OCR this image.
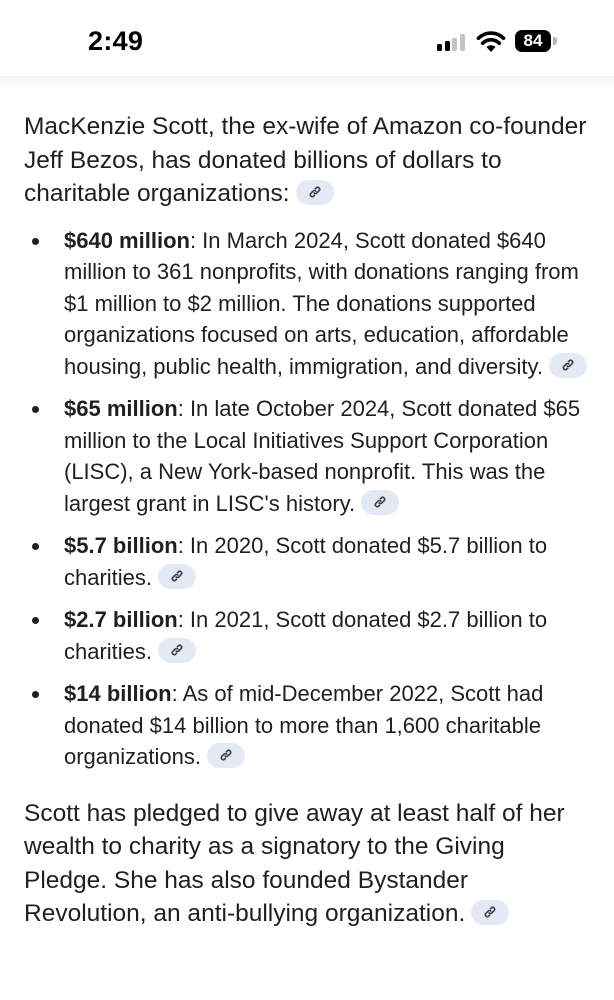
2:49	84

MacKenzie Scott, the ex-wife of Amazon co-founder Jeff Bezos, has donated billions of dollars to charitable organizations:

$640 million: In March 2024, Scott donated $640 million to 361 nonprofits, with donations ranging from $1 million to $2 million. The donations supported organizations focused on arts, education, affordable housing, public health, immigration, and diversity.
$65 million: In late October 2024, Scott donated $65 million to the Local Initiatives Support Corporation (LISC), a New York-based nonprofit. This was the largest grant in LISC's history.
$5.7 billion: In 2020, Scott donated $5.7 billion to charities.
$2.7 billion: In 2021, Scott donated $2.7 billion to charities.
$14 billion: As of mid-December 2022, Scott had donated $14 billion to more than 1,600 charitable organizations.

Scott has pledged to give away at least half of her wealth to charity as a signatory to the Giving Pledge. She has also founded Bystander Revolution, an anti-bullying organization.
